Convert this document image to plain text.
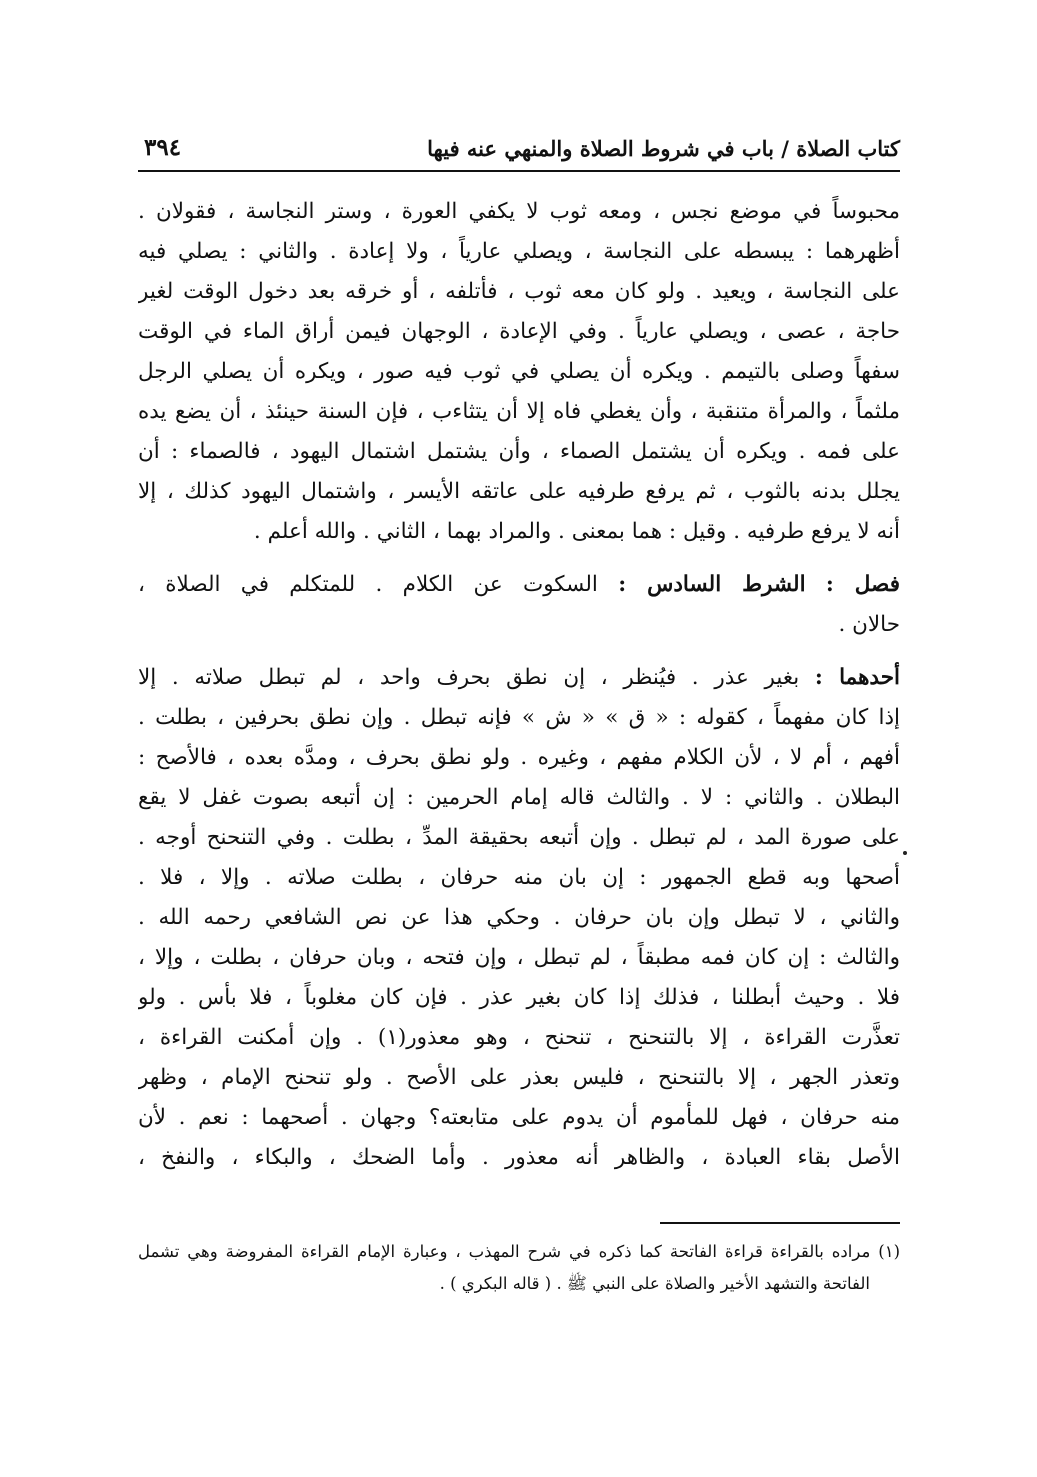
كتاب الصلاة / باب في شروط الصلاة والمنهي عنه فيها
٣٩٤
محبوساً في موضع نجس ، ومعه ثوب لا يكفي العورة ، وستر النجاسة ، فقولان .
أظهرهما : يبسطه على النجاسة ، ويصلي عارياً ، ولا إعادة . والثاني : يصلي فيه
على النجاسة ، ويعيد . ولو كان معه ثوب ، فأتلفه ، أو خرقه بعد دخول الوقت لغير
حاجة ، عصى ، ويصلي عارياً . وفي الإعادة ، الوجهان فيمن أراق الماء في الوقت
سفهاً وصلى بالتيمم . ويكره أن يصلي في ثوب فيه صور ، ويكره أن يصلي الرجل
ملثماً ، والمرأة متنقبة ، وأن يغطي فاه إلا أن يتثاءب ، فإن السنة حينئذ ، أن يضع يده
على فمه . ويكره أن يشتمل الصماء ، وأن يشتمل اشتمال اليهود ، فالصماء : أن
يجلل بدنه بالثوب ، ثم يرفع طرفيه على عاتقه الأيسر ، واشتمال اليهود كذلك ، إلا
أنه لا يرفع طرفيه . وقيل : هما بمعنى . والمراد بهما ، الثاني . والله أعلم .
فصل : الشرط السادس : السكوت عن الكلام . للمتكلم في الصلاة ،
حالان .
أحدهما : بغير عذر . فيُنظر ، إن نطق بحرف واحد ، لم تبطل صلاته . إلا
إذا كان مفهماً ، كقوله : « ق » « ش » فإنه تبطل . وإن نطق بحرفين ، بطلت .
أفهم ، أم لا ، لأن الكلام مفهم ، وغيره . ولو نطق بحرف ، ومدَّه بعده ، فالأصح :
البطلان . والثاني : لا . والثالث قاله إمام الحرمين : إن أتبعه بصوت غفل لا يقع
على صورة المد ، لم تبطل . وإن أتبعه بحقيقة المدِّ ، بطلت . وفي التنحنح أوجه .
أصحها وبه قطع الجمهور : إن بان منه حرفان ، بطلت صلاته . وإلا ، فلا .
والثاني ، لا تبطل وإن بان حرفان . وحكي هذا عن نص الشافعي رحمه الله .
والثالث : إن كان فمه مطبقاً ، لم تبطل ، وإن فتحه ، وبان حرفان ، بطلت ، وإلا ،
فلا . وحيث أبطلنا ، فذلك إذا كان بغير عذر . فإن كان مغلوباً ، فلا بأس . ولو
تعذَّرت القراءة ، إلا بالتنحنح ، تنحنح ، وهو معذور(١) . وإن أمكنت القراءة ،
وتعذر الجهر ، إلا بالتنحنح ، فليس بعذر على الأصح . ولو تنحنح الإمام ، وظهر
منه حرفان ، فهل للمأموم أن يدوم على متابعته؟ وجهان . أصحهما : نعم . لأن
الأصل بقاء العبادة ، والظاهر أنه معذور . وأما الضحك ، والبكاء ، والنفخ ،
(١) مراده بالقراءة قراءة الفاتحة كما ذكره في شرح المهذب ، وعبارة الإمام القراءة المفروضة وهي تشمل
الفاتحة والتشهد الأخير والصلاة على النبي ﷺ . ( قاله البكري ) .
